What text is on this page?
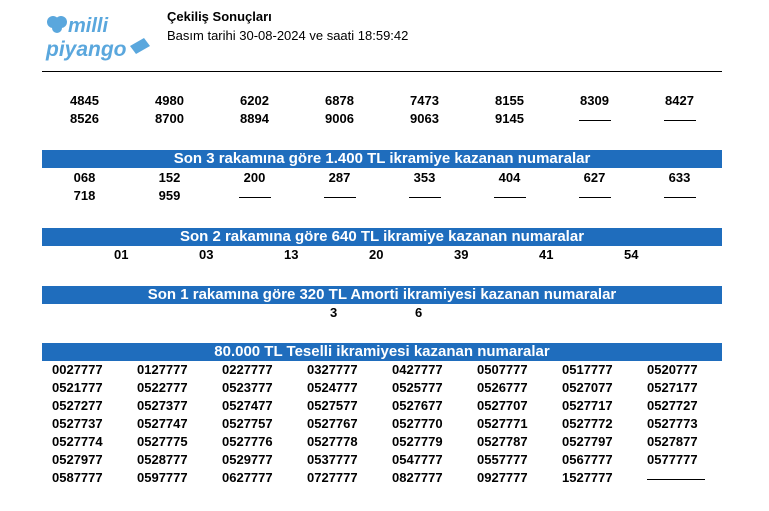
milli
piyango
Çekiliş Sonuçları
Basım tarihi 30-08-2024 ve saati 18:59:42
4845	4980	6202	6878	7473	8155	8309	8427
8526	8700	8894	9006	9063	9145
Son 3 rakamına göre 1.400 TL ikramiye kazanan numaralar
068	152	200	287	353	404	627	633
718	959
Son 2 rakamına göre 640 TL ikramiye kazanan numaralar
01	03	13	20	39	41	54
Son 1 rakamına göre 320 TL Amorti ikramiyesi kazanan numaralar
3	6
80.000 TL Teselli ikramiyesi kazanan numaralar
0027777	0127777	0227777	0327777	0427777	0507777	0517777	0520777
0521777	0522777	0523777	0524777	0525777	0526777	0527077	0527177
0527277	0527377	0527477	0527577	0527677	0527707	0527717	0527727
0527737	0527747	0527757	0527767	0527770	0527771	0527772	0527773
0527774	0527775	0527776	0527778	0527779	0527787	0527797	0527877
0527977	0528777	0529777	0537777	0547777	0557777	0567777	0577777
0587777	0597777	0627777	0727777	0827777	0927777	1527777
